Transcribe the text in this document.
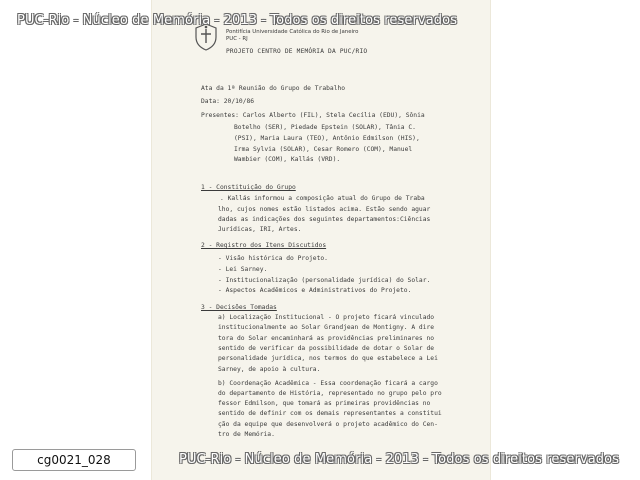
PUC-Rio - Núcleo de Memória - 2013 - Todos os direitos reservados
Pontifícia Universidade Católica do Rio de Janeiro
PUC - RJ
PROJETO CENTRO DE MEMÓRIA DA PUC/RIO
Ata da 1ª Reunião do Grupo de Trabalho
Data: 20/10/86
Presentes: Carlos Alberto (FIL), Stela Cecília (EDU), Sônia
Botelho (SER), Piedade Epstein (SOLAR), Tânia C.
(PSI), Maria Laura (TEO), Antônio Edmilson (HIS),
Irma Sylvia (SOLAR), Cesar Romero (COM), Manuel
Wambier (COM), Kallás (VRD).
1 - Constituição do Grupo
. Kallás informou a composição atual do Grupo de Traba
lho, cujos nomes estão listados acima. Estão sendo aguar
dadas as indicações dos seguintes departamentos:Ciências
Jurídicas, IRI, Artes.
2 - Registro dos Itens Discutidos
- Visão histórica do Projeto.
- Lei Sarney.
- Institucionalização (personalidade jurídica) do Solar.
- Aspectos Acadêmicos e Administrativos do Projeto.
3 - Decisões Tomadas
a) Localização Institucional - O projeto ficará vinculado
institucionalmente ao Solar Grandjean de Montigny. A dire
tora do Solar encaminhará as providências preliminares no
sentido de verificar da possibilidade de dotar o Solar de
personalidade jurídica, nos termos do que estabelece a Lei
Sarney, de apoio à cultura.
b) Coordenação Acadêmica - Essa coordenação ficará a cargo
do departamento de História, representado no grupo pelo pro
fessor Edmilson, que tomará as primeiras providências no
sentido de definir com os demais representantes a constitui
ção da equipe que desenvolverá o projeto acadêmico do Cen-
tro de Memória.
PUC-Rio - Núcleo de Memória - 2013 - Todos os direitos reservados
cg0021_028
